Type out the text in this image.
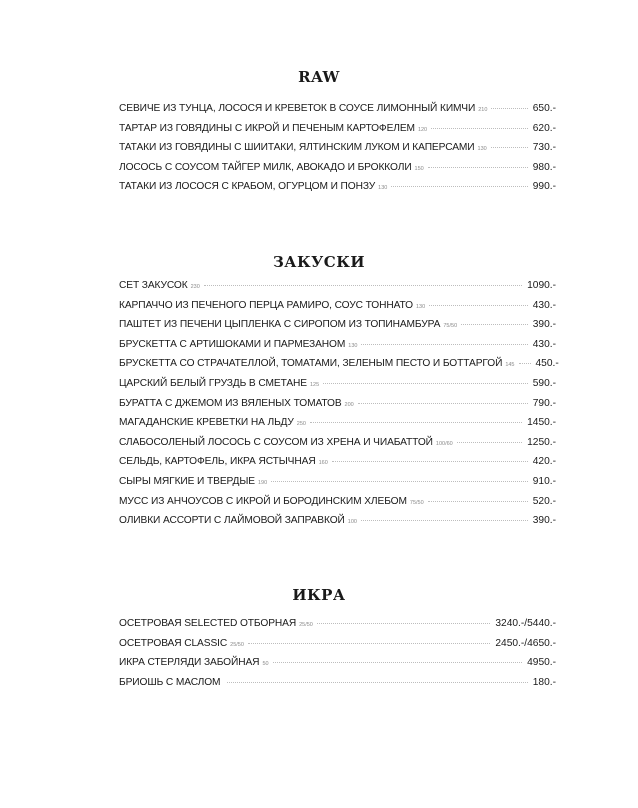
RAW
СЕВИЧЕ ИЗ ТУНЦА, ЛОСОСЯ И КРЕВЕТОК В СОУСЕ ЛИМОННЫЙ КИМЧИ 210	650.-
ТАРТАР ИЗ ГОВЯДИНЫ С ИКРОЙ И ПЕЧЕНЫМ КАРТОФЕЛЕМ 120	620.-
ТАТАКИ ИЗ ГОВЯДИНЫ С ШИИТАКИ, ЯЛТИНСКИМ ЛУКОМ И КАПЕРСАМИ 130	730.-
ЛОСОСЬ С СОУСОМ ТАЙГЕР МИЛК, АВОКАДО И БРОККОЛИ 150	980.-
ТАТАКИ ИЗ ЛОСОСЯ С КРАБОМ, ОГУРЦОМ И ПОНЗУ 130	990.-
ЗАКУСКИ
СЕТ ЗАКУСОК 230	1090.-
КАРПАЧЧО ИЗ ПЕЧЕНОГО ПЕРЦА РАМИРО, СОУС ТОННАТО 130	430.-
ПАШТЕТ ИЗ ПЕЧЕНИ ЦЫПЛЕНКА С СИРОПОМ ИЗ ТОПИНАМБУРА 75/50	390.-
БРУСКЕТТА С АРТИШОКАМИ И ПАРМЕЗАНОМ 130	430.-
БРУСКЕТТА СО СТРАЧАТЕЛЛОЙ, ТОМАТАМИ, ЗЕЛЕНЫМ ПЕСТО И БОТТАРГОЙ 145 450.-
ЦАРСКИЙ БЕЛЫЙ ГРУЗДЬ В СМЕТАНЕ 125	590.-
БУРАТТА С ДЖЕМОМ ИЗ ВЯЛЕНЫХ ТОМАТОВ 200	790.-
МАГАДАНСКИЕ КРЕВЕТКИ НА ЛЬДУ 250	1450.-
СЛАБОСОЛЕНЫЙ ЛОСОСЬ С СОУСОМ ИЗ ХРЕНА И ЧИАБАТТОЙ 100/60	1250.-
СЕЛЬДЬ, КАРТОФЕЛЬ, ИКРА ЯСТЫЧНАЯ 160	420.-
СЫРЫ МЯГКИЕ И ТВЕРДЫЕ 190	910.-
МУСС ИЗ АНЧОУСОВ С ИКРОЙ И БОРОДИНСКИМ ХЛЕБОМ 75/50	520.-
ОЛИВКИ АССОРТИ С ЛАЙМОВОЙ ЗАПРАВКОЙ 100	390.-
ИКРА
ОСЕТРОВАЯ SELECTED ОТБОРНАЯ 25/50	3240.-/5440.-
ОСЕТРОВАЯ CLASSIC 25/50	2450.-/4650.-
ИКРА СТЕРЛЯДИ ЗАБОЙНАЯ 50	4950.-
БРИОШЬ С МАСЛОМ	180.-
